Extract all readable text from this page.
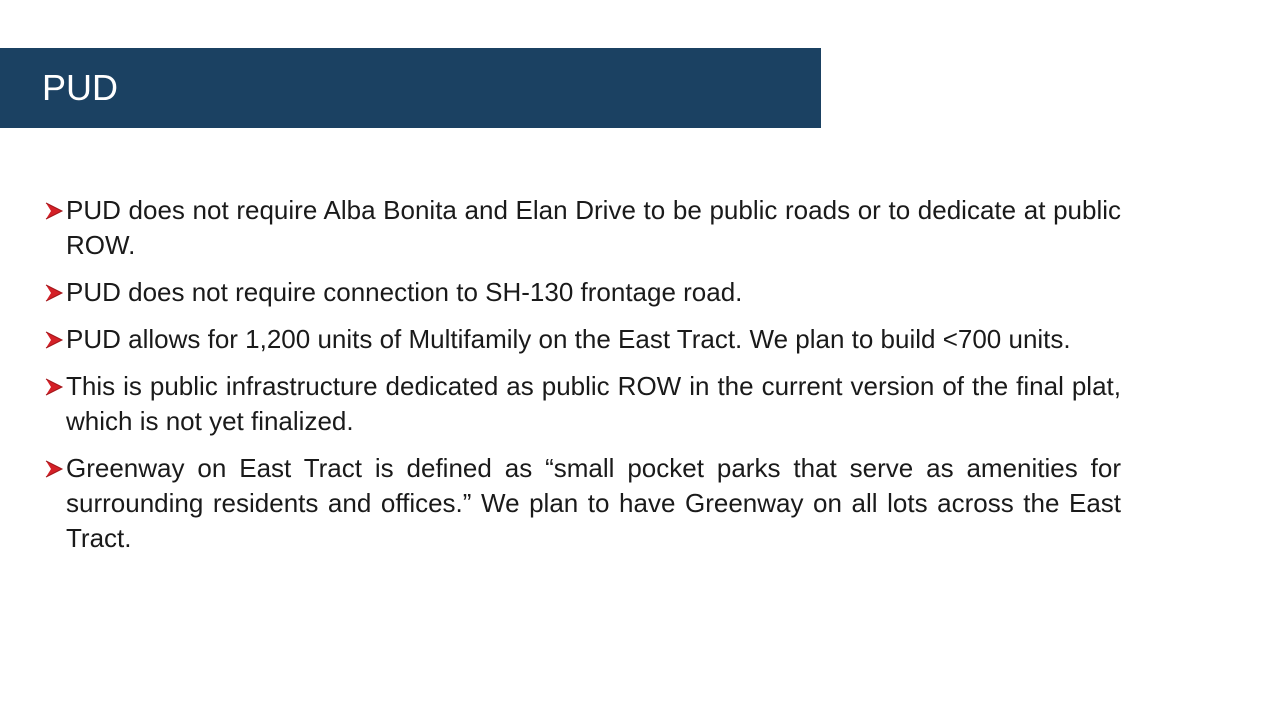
PUD
PUD does not require Alba Bonita and Elan Drive to be public roads or to dedicate at public ROW.
PUD does not require connection to SH-130 frontage road.
PUD allows for 1,200 units of Multifamily on the East Tract. We plan to build <700 units.
This is public infrastructure dedicated as public ROW in the current version of the final plat, which is not yet finalized.
Greenway on East Tract is defined as “small pocket parks that serve as amenities for surrounding residents and offices.” We plan to have Greenway on all lots across the East Tract.
